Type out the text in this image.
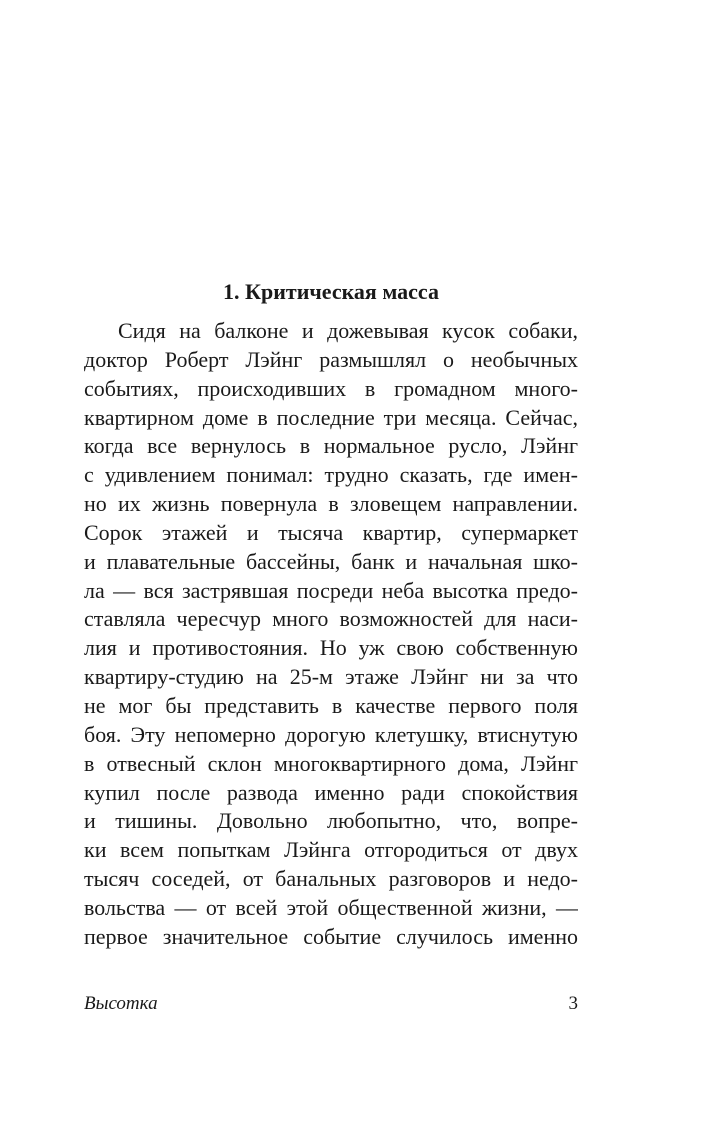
1. Критическая масса
Сидя на балконе и дожевывая кусок собаки,
доктор Роберт Лэйнг размышлял о необычных
событиях, происходивших в громадном много-
квартирном доме в последние три месяца. Сейчас,
когда все вернулось в нормальное русло, Лэйнг
с удивлением понимал: трудно сказать, где имен-
но их жизнь повернула в зловещем направлении.
Сорок этажей и тысяча квартир, супермаркет
и плавательные бассейны, банк и начальная шко-
ла — вся застрявшая посреди неба высотка предо-
ставляла чересчур много возможностей для наси-
лия и противостояния. Но уж свою собственную
квартиру-студию на 25-м этаже Лэйнг ни за что
не мог бы представить в качестве первого поля
боя. Эту непомерно дорогую клетушку, втиснутую
в отвесный склон многоквартирного дома, Лэйнг
купил после развода именно ради спокойствия
и тишины. Довольно любопытно, что, вопре-
ки всем попыткам Лэйнга отгородиться от двух
тысяч соседей, от банальных разговоров и недо-
вольства — от всей этой общественной жизни, —
первое значительное событие случилось именно
Высотка	3
